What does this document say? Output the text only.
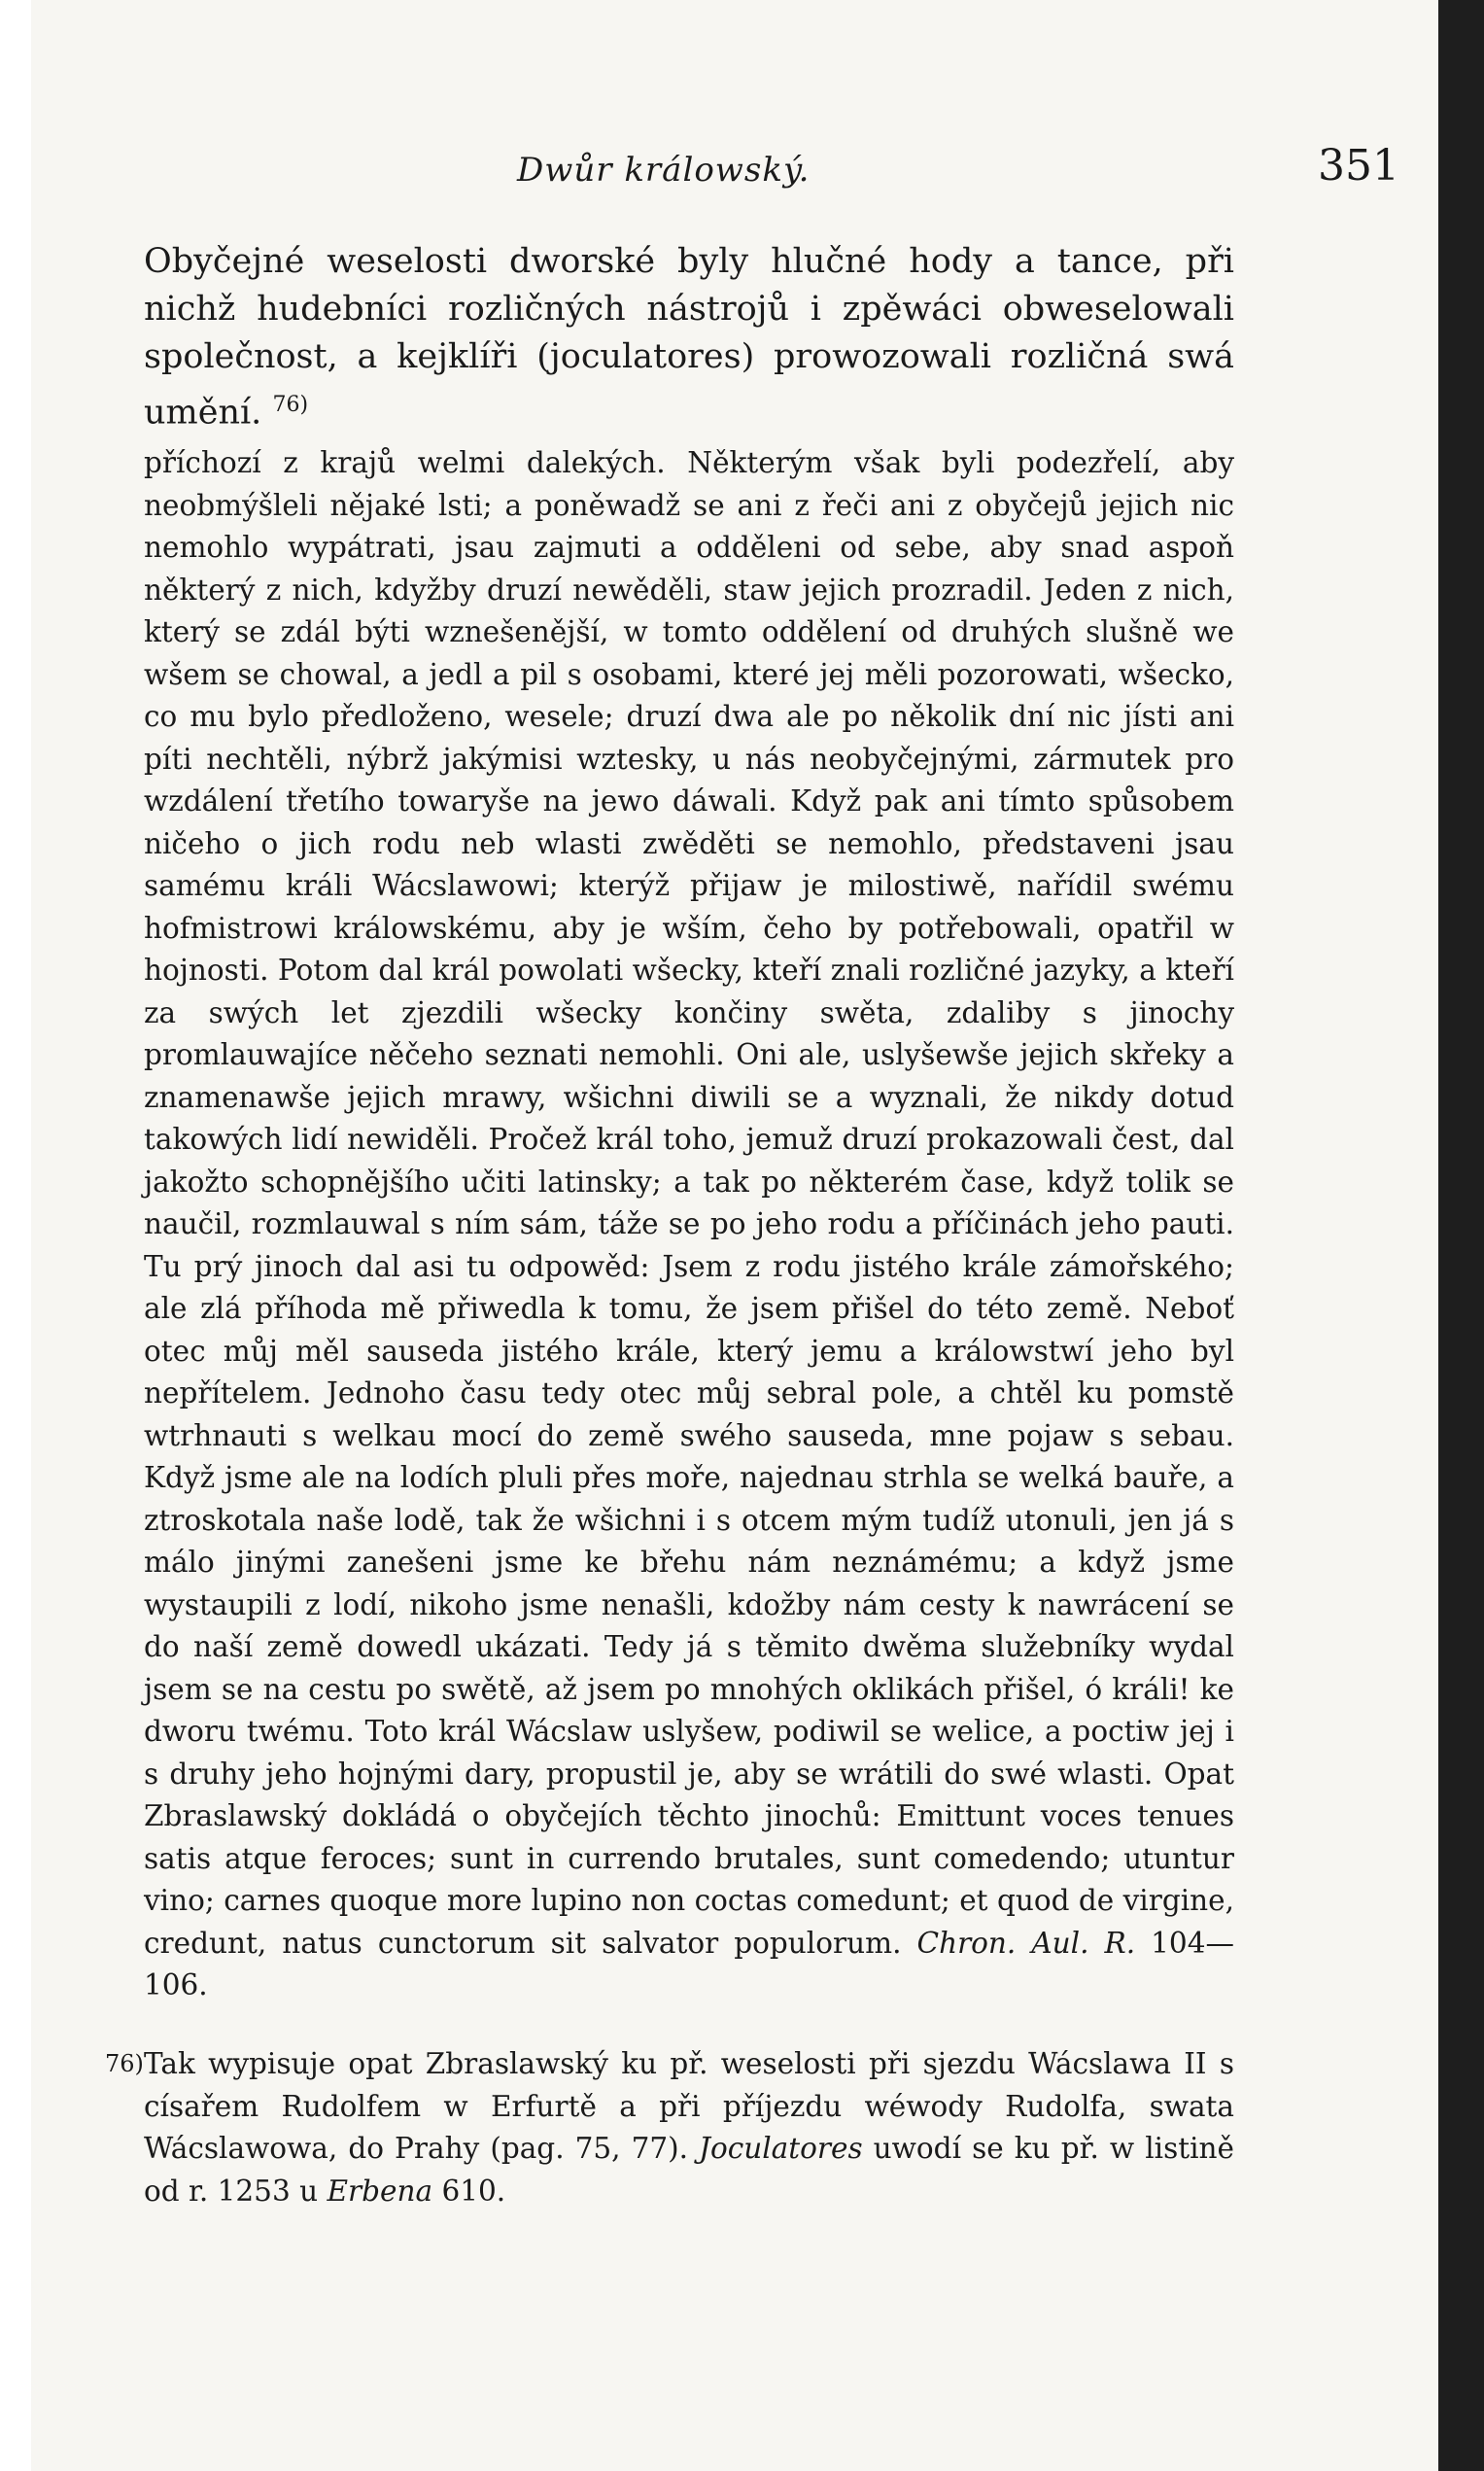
Dwůr králowský.	351
Obyčejné weselosti dworské byly hlučné hody a tance, při nichž hudebníci rozličných nástrojů i zpěwáci obweselowali společnost, a kejklíři (joculatores) prowozowali rozličná swá umění. $^{76)}$

příchozí z krajů welmi dalekých. Některým však byli podezřelí, aby neobmýšleli nějaké lsti; a poněwadž se ani z řeči ani z obyčejů jejich nic nemohlo wypátrati, jsau zajmuti a odděleni od sebe, aby snad aspoň některý z nich, kdyžby druzí newěděli, staw jejich prozradil. Jeden z nich, který se zdál býti wznešenější, w tomto oddělení od druhých slušně we wšem se chowal, a jedl a pil s osobami, které jej měli pozorowati, wšecko, co mu bylo předloženo, wesele; druzí dwa ale po několik dní nic jísti ani píti nechtěli, nýbrž jakýmisi wztesky, u nás neobyčejnými, zármutek pro wzdálení třetího towaryše na jewo dáwali. Když pak ani tímto spůsobem ničeho o jich rodu neb wlasti zwěděti se nemohlo, představeni jsau samému králi Wácslawowi; kterýž přijaw je milostiwě, nařídil swému hofmistrowi králowskému, aby je wším, čeho by potřebowali, opatřil w hojnosti. Potom dal král powolati wšecky, kteří znali rozličné jazyky, a kteří za swých let zjezdili wšecky končiny swěta, zdaliby s jinochy promlauwajíce něčeho seznati nemohli. Oni ale, uslyšewše jejich skřeky a znamenawše jejich mrawy, wšichni diwili se a wyznali, že nikdy dotud takowých lidí newiděli. Pročež král toho, jemuž druzí prokazowali čest, dal jakožto schopnějšího učiti latinsky; a tak po některém čase, když tolik se naučil, rozmlauwal s ním sám, táže se po jeho rodu a příčinách jeho pauti. Tu prý jinoch dal asi tu odpowěd: Jsem z rodu jistého krále zámořského; ale zlá příhoda mě přiwedla k tomu, že jsem přišel do této země. Neboť otec můj měl sauseda jistého krále, který jemu a králowstwí jeho byl nepřítelem. Jednoho času tedy otec můj sebral pole, a chtěl ku pomstě wtrhnauti s welkau mocí do země swého sauseda, mne pojaw s sebau. Když jsme ale na lodích pluli přes moře, najednau strhla se welká bauře, a ztroskotala naše lodě, tak že wšichni i s otcem mým tudíž utonuli, jen já s málo jinými zanešeni jsme ke břehu nám neznámému; a když jsme wystaupili z lodí, nikoho jsme nenašli, kdožby nám cesty k nawrácení se do naší země dowedl ukázati. Tedy já s těmito dwěma služebníky wydal jsem se na cestu po swětě, až jsem po mnohých oklikách přišel, ó králi! ke dworu twému. Toto král Wácslaw uslyšew, podiwil se welice, a poctiw jej i s druhy jeho hojnými dary, propustil je, aby se wrátili do swé wlasti. Opat Zbraslawský dokládá o obyčejích těchto jinochů: Emittunt voces tenues satis atque feroces; sunt in currendo brutales, sunt comedendo; utuntur vino; carnes quoque more lupino non coctas comedunt; et quod de virgine, credunt, natus cunctorum sit salvator populorum. Chron. Aul. R. 104—106.

76) Tak wypisuje opat Zbraslawský ku př. weselosti při sjezdu Wácslawa II s císařem Rudolfem w Erfurtě a při příjezdu wéwody Rudolfa, swata Wácslawowa, do Prahy (pag. 75, 77). Joculatores uwodí se ku př. w listině od r. 1253 u Erbena 610.
